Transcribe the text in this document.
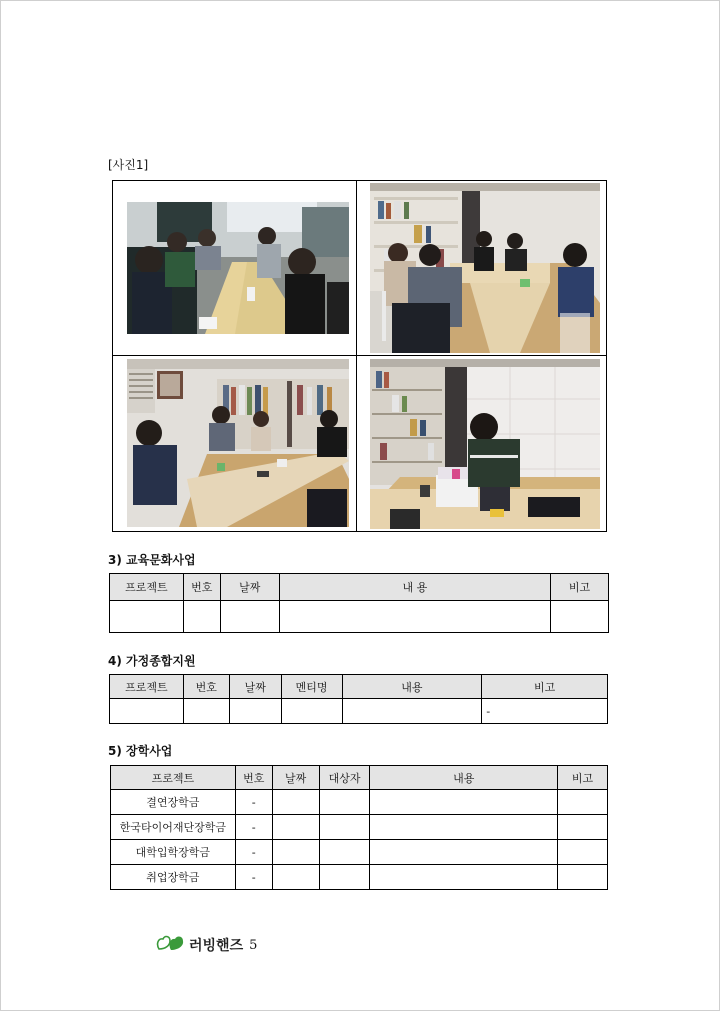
[사진1]
3) 교육문화사업
프로젝트	번호	날짜	내 용	비고

4) 가정종합지원
프로젝트	번호	날짜	멘티명	내용	비고
					-
5) 장학사업
프로젝트	번호	날짜	대상자	내용	비고
결연장학금	-				
한국타이어재단장학금	-				
대학입학장학금	-				
취업장학금	-				
러빙핸즈 5
